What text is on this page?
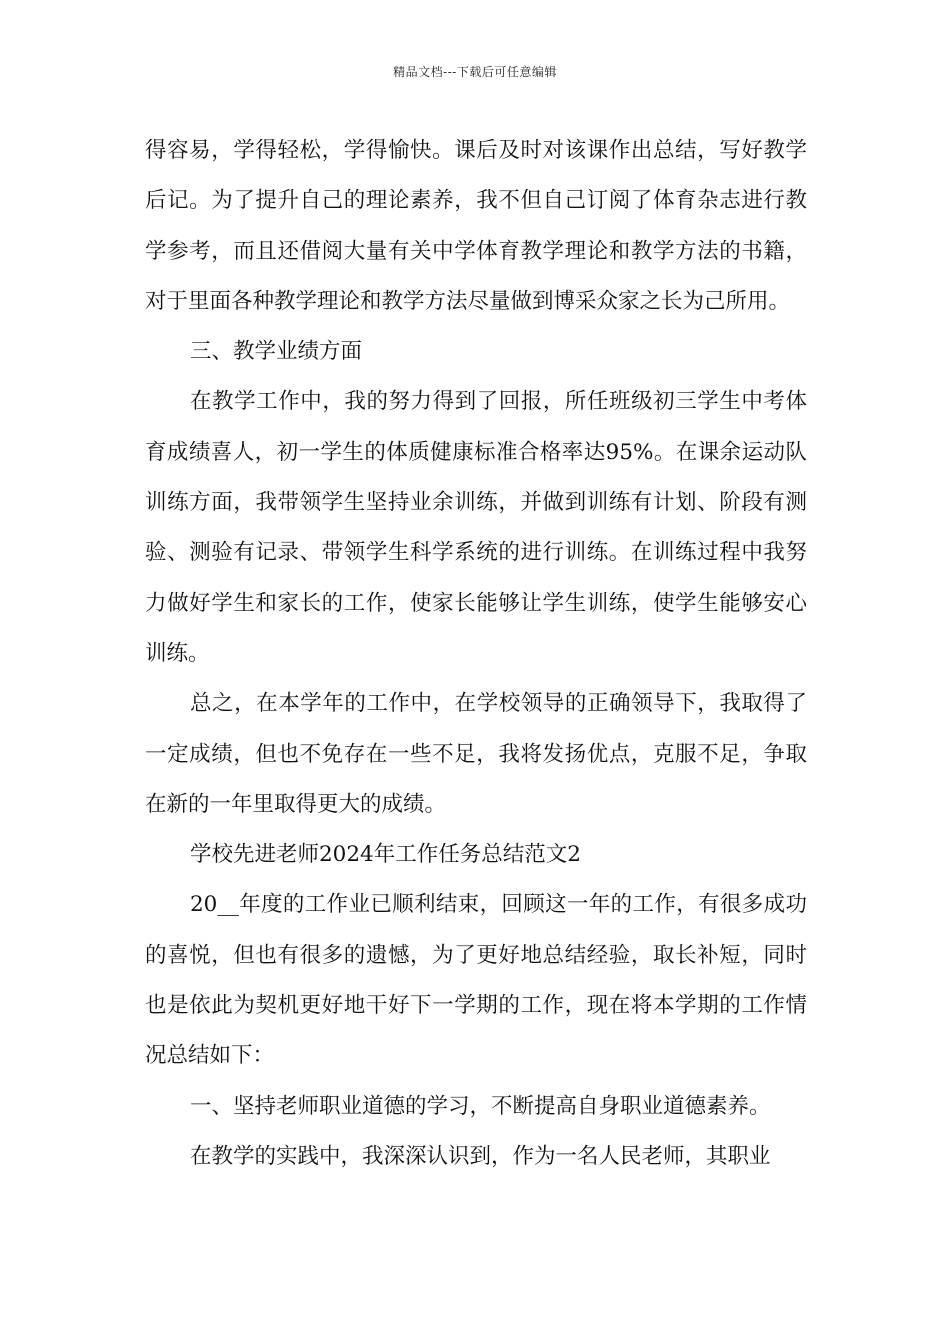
精品文档---下载后可任意编辑

得容易，学得轻松，学得愉快。课后及时对该课作出总结，写好教学后记。为了提升自己的理论素养，我不但自己订阅了体育杂志进行教学参考，而且还借阅大量有关中学体育教学理论和教学方法的书籍，对于里面各种教学理论和教学方法尽量做到博采众家之长为己所用。

三、教学业绩方面

在教学工作中，我的努力得到了回报，所任班级初三学生中考体育成绩喜人，初一学生的体质健康标准合格率达95%。在课余运动队训练方面，我带领学生坚持业余训练，并做到训练有计划、阶段有测验、测验有记录、带领学生科学系统的进行训练。在训练过程中我努力做好学生和家长的工作，使家长能够让学生训练，使学生能够安心训练。

总之，在本学年的工作中，在学校领导的正确领导下，我取得了一定成绩，但也不免存在一些不足，我将发扬优点，克服不足，争取在新的一年里取得更大的成绩。

学校先进老师2024年工作任务总结范文2

20__年度的工作业已顺利结束，回顾这一年的工作，有很多成功的喜悦，但也有很多的遗憾，为了更好地总结经验，取长补短，同时也是依此为契机更好地干好下一学期的工作，现在将本学期的工作情况总结如下：

一、坚持老师职业道德的学习，不断提高自身职业道德素养。

在教学的实践中，我深深认识到，作为一名人民老师，其职业
